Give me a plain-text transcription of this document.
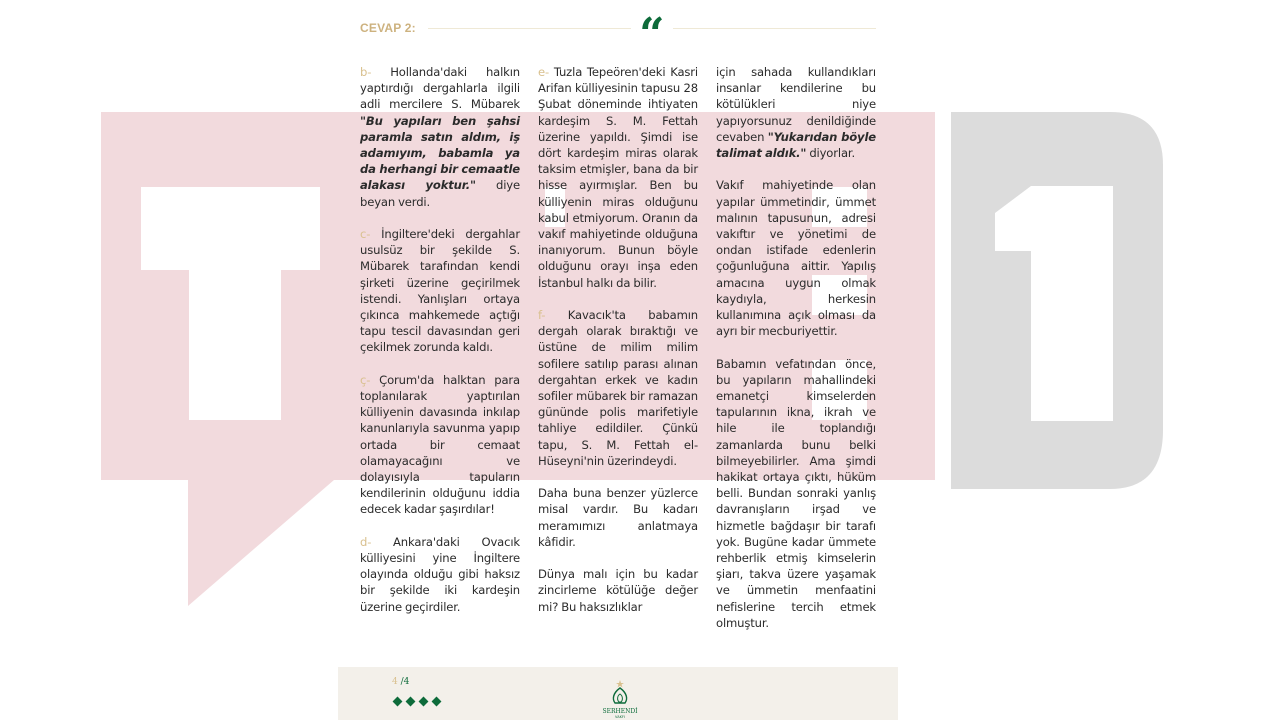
CEVAP 2:	“

b- Hollanda'daki halkın yaptırdığı dergahlarla ilgili adli mercilere S. Mübarek "Bu yapıları ben şahsi paramla satın aldım, iş adamıyım, babamla ya da herhangi bir cemaatle alakası yoktur." diye beyan verdi.

c- İngiltere'deki dergahlar usulsüz bir şekilde S. Mübarek tarafından kendi şirketi üzerine geçirilmek istendi. Yanlışları ortaya çıkınca mahkemede açtığı tapu tescil davasından geri çekilmek zorunda kaldı.

ç- Çorum'da halktan para toplanılarak yaptırılan külliyenin davasında inkılap kanunlarıyla savunma yapıp ortada bir cemaat olamayacağını ve dolayısıyla tapuların kendilerinin olduğunu iddia edecek kadar şaşırdılar!

d- Ankara'daki Ovacık külliyesini yine İngiltere olayında olduğu gibi haksız bir şekilde iki kardeşin üzerine geçirdiler.

e- Tuzla Tepeören'deki Kasri Arifan külliyesinin tapusu 28 Şubat döneminde ihtiyaten kardeşim S. M. Fettah üzerine yapıldı. Şimdi ise dört kardeşim miras olarak taksim etmişler, bana da bir hisse ayırmışlar. Ben bu külliyenin miras olduğunu kabul etmiyorum. Oranın da vakıf mahiyetinde olduğuna inanıyorum. Bunun böyle olduğunu orayı inşa eden İstanbul halkı da bilir.

f- Kavacık'ta babamın dergah olarak bıraktığı ve üstüne de milim milim sofilere satılıp parası alınan dergahtan erkek ve kadın sofiler mübarek bir ramazan gününde polis marifetiyle tahliye edildiler. Çünkü tapu, S. M. Fettah el-Hüseyni'nin üzerindeydi.

Daha buna benzer yüzlerce misal vardır. Bu kadarı meramımızı anlatmaya kâfidir.

Dünya malı için bu kadar zincirleme kötülüğe değer mi? Bu haksızlıklar

için sahada kullandıkları insanlar kendilerine bu kötülükleri niye yapıyorsunuz denildiğinde cevaben "Yukarıdan böyle talimat aldık." diyorlar.

Vakıf mahiyetinde olan yapılar ümmetindir, ümmet malının tapusunun, adresi vakıftır ve yönetimi de ondan istifade edenlerin çoğunluğuna aittir. Yapılış amacına uygun olmak kaydıyla, herkesin kullanımına açık olması da ayrı bir mecburiyettir.

Babamın vefatından önce, bu yapıların mahallindeki emanetçi kimselerden tapularının ikna, ikrah ve hile ile toplandığı zamanlarda bunu belki bilmeyebilirler. Ama şimdi hakikat ortaya çıktı, hüküm belli. Bundan sonraki yanlış davranışların irşad ve hizmetle bağdaşır bir tarafı yok. Bugüne kadar ümmete rehberlik etmiş kimselerin şiarı, takva üzere yaşamak ve ümmetin menfaatini nefislerine tercih etmek olmuştur.

4 /4
SERHENDİ
VAKFI
